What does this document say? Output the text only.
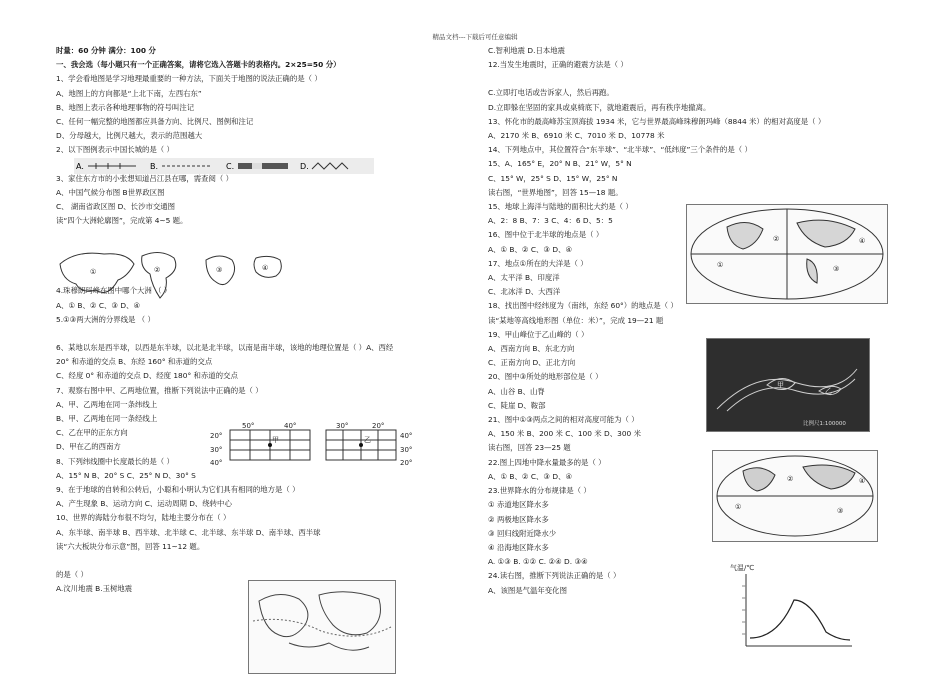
精品文档---下载后可任意编辑
时量：60 分钟 满分：100 分
一、我会选（每小题只有一个正确答案，请将它选入答题卡的表格内。2×25=50 分）
1、学会看地图是学习地理最重要的一种方法，下面关于地图的说法正确的是（ ）
A、地图上的方向都是“上北下南，左西右东”
B、地图上表示各种地理事物的符号叫注记
C、任何一幅完整的地图都应具备方向、比例尺、图例和注记
D、分母越大，比例尺越大，表示的范围越大
2、以下图例表示中国长城的是（ ）
3、家住东方市的小张想知道吕江县在哪，需查阅（ ）
A、中国气候分布图 B世界政区图
C、 湖南省政区图 D、长沙市交通图
读“四个大洲轮廓图”，完成第 4~5 题。
4.珠穆朗玛峰在图中哪个大洲 （ ）
A、① B、② C、③ D、④
5.①③两大洲的分界线是 （ ）
6、某地以东是西半球，以西是东半球，以北是北半球，以南是南半球，该地的地理位置是（ ）A、西经
20° 和赤道的交点 B、东经 160° 和赤道的交点
C、经度 0° 和赤道的交点 D、经度 180° 和赤道的交点
7、观察右图中甲、乙两地位置，推断下列说法中正确的是（ ）
A、甲、乙两地在同一条纬线上
B、甲、乙两地在同一条经线上
C、乙在甲的正东方向
D、甲在乙的西南方
8、下列纬线圈中长度最长的是（ ）
A、15° N B、20° S C、25° N D、30° S
9、在于地球的自转和公转后，小聪和小明认为它们具有相同的地方是（ ）
A、产生现象 B、运动方向 C、运动周期 D、绕转中心
10、世界的海陆分布很不均匀，陆地主要分布在（ ）
A、东半球、南半球 B、西半球、北半球 C、北半球、东半球 D、南半球、西半球
读“六大板块分布示意”图，回答 11~12 题。
的是（ ）
A.汶川地震 B.玉树地震
C.智利地震 D.日本地震
12.当发生地震时，正确的避震方法是（ ）
C.立即打电话或告诉家人，然后再跑。
D.立即躲在坚固的家具或桌椅底下，就地避震后，再有秩序地撤离。
13、怀化市的最高峰苏宝顶海拔 1934 米，它与世界最高峰珠穆朗玛峰（8844 米）的相对高度是（ ）
A、2170 米 B、6910 米 C、7010 米 D、10778 米
14、下列地点中，其位置符合“东半球”、“北半球”、“低纬度”三个条件的是（ ）
15、A、165° E，20° N B、21° W，5° N
C、15° W，25° S D、15° W，25° N
读右图，“世界地图”，回答 15—18 题。
15、地球上海洋与陆地的面积比大约是（ ）
A、2：8 B、7：3 C、4：6 D、5：5
16、图中位于北半球的地点是（ ）
A、① B、② C、③ D、④
17、地点①所在的大洋是（ ）
A、太平洋 B、印度洋
C、北冰洋 D、大西洋
18、找出图中经纬度为（南纬，东经 60°）的地点是（ ）
读“某地等高线地形图（单位：米）”，完成 19—21 题
19、甲山峰位于乙山峰的（ ）
A、西南方向 B、东北方向
C、正南方向 D、正北方向
20、图中③所处的地形部位是（ ）
A、山谷 B、山脊
C、陡崖 D、鞍部
21、图中①③两点之间的相对高度可能为（ ）
A、150 米 B、200 米 C、100 米 D、300 米
读右图，回答 23—25 题
22.图上四地中降水量最多的是（ ）
A、① B、② C、③ D、④
23.世界降水的分布规律是（ ）
① 赤道地区降水多
② 两极地区降水多
③ 回归线附近降水少
④ 沿海地区降水多
A. ①③ B. ①② C. ②④ D. ③④
24.读右图，推断下列说法正确的是（ ）
A、该图是气温年变化图
A.	B.	C.	D.
①	②	③	④
50°	40°
20°
30°
40°
甲
30°	20°
乙	40°
30°
20°
①
②
③
④
甲
乙
比例尺1:100000
①
②
③
④
气温/℃
